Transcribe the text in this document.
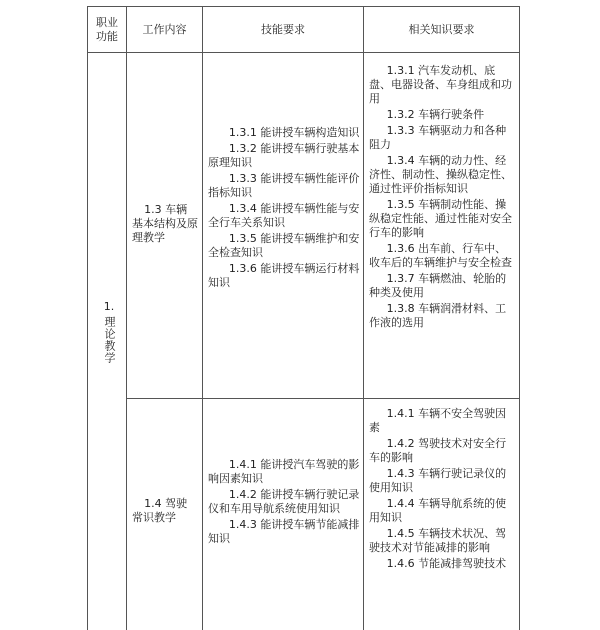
职业功能
工作内容	技能要求	相关知识要求
1.
理论教学

1.3 车辆基本结构及原理教学

1.3.1 能讲授车辆构造知识

1.3.2 能讲授车辆行驶基本原理知识

1.3.3 能讲授车辆性能评价指标知识

1.3.4 能讲授车辆性能与安全行车关系知识

1.3.5 能讲授车辆维护和安全检查知识

1.3.6 能讲授车辆运行材料知识

1.3.1 汽车发动机、底盘、电器设备、车身组成和功用

1.3.2 车辆行驶条件

1.3.3 车辆驱动力和各种阻力

1.3.4 车辆的动力性、经济性、制动性、操纵稳定性、通过性评价指标知识

1.3.5 车辆制动性能、操纵稳定性能、通过性能对安全行车的影响

1.3.6 出车前、行车中、收车后的车辆维护与安全检查

1.3.7 车辆燃油、轮胎的种类及使用

1.3.8 车辆润滑材料、工作液的选用

1.4 驾驶常识教学

1.4.1 能讲授汽车驾驶的影响因素知识

1.4.2 能讲授车辆行驶记录仪和车用导航系统使用知识

1.4.3 能讲授车辆节能减排知识

1.4.1 车辆不安全驾驶因素

1.4.2 驾驶技术对安全行车的影响

1.4.3 车辆行驶记录仪的使用知识

1.4.4 车辆导航系统的使用知识

1.4.5 车辆技术状况、驾驶技术对节能减排的影响

1.4.6 节能减排驾驶技术
